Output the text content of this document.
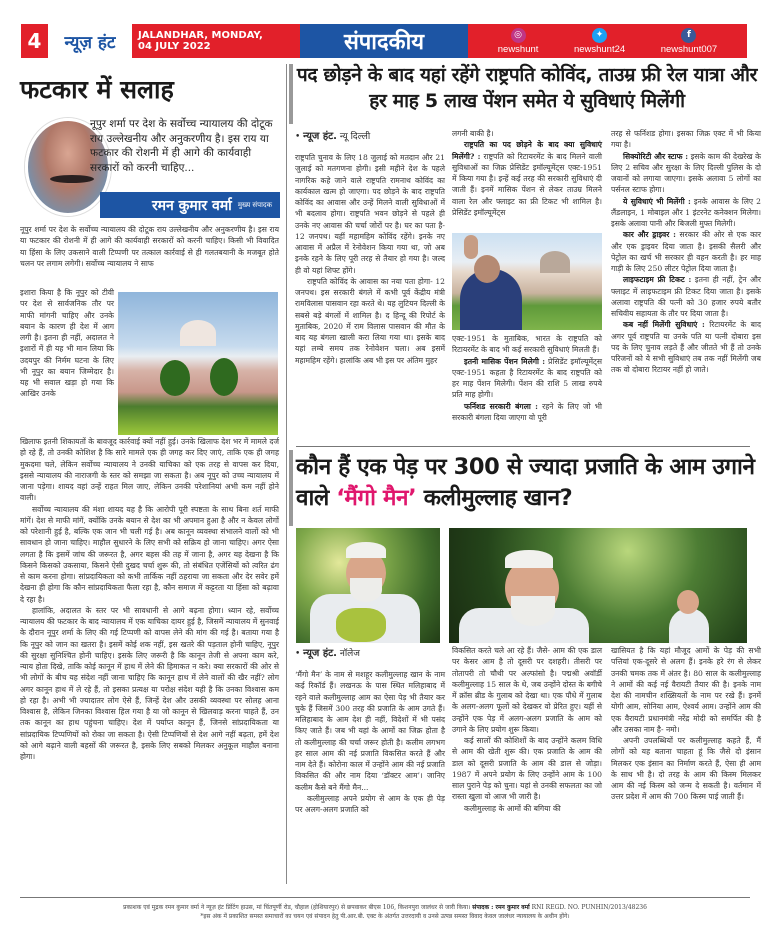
4	न्यूज़ हंट	JALANDHAR, MONDAY,
04 JULY 2022	संपादकीय	◎
newshunt
✦
newshunt24
f
newshunt007
फटकार में सलाह

नूपुर शर्मा पर देश के सर्वोच्च न्यायालय की दोटूक राय उल्लेखनीय और अनुकरणीय है। इस राय या फटकार की रोशनी में ही आगे की कार्यवाही सरकारों को करनी चाहिए...

रमन कुमार वर्मा मुख्य संपादक

नूपुर शर्मा पर देश के सर्वोच्च न्यायालय की दोटूक राय उल्लेखनीय और अनुकरणीय है। इस राय या फटकार की रोशनी में ही आगे की कार्यवाही सरकारों को करनी चाहिए। किसी भी विवादित या हिंसा के लिए उकसाने वाली टिप्पणी पर तत्काल कार्रवाई से ही गलतबयानी के मजबूत होते चलन पर लगाम लगेगी। सर्वोच्च न्यायालय ने साफ

इशारा किया है कि नूपुर को टीवी पर देश से सार्वजनिक तौर पर माफी मांगनी चाहिए और उनके बयान के कारण ही देश में आग लगी है। इतना ही नहीं, अदालत ने इशारों में ही यह भी मान लिया कि उदयपुर की निर्मम घटना के लिए भी नूपुर का बयान जिम्मेदार है। यह भी सवाल खड़ा हो गया कि आखिर उनके

खिलाफ इतनी शिकायतों के बावजूद कार्रवाई क्यों नहीं हुई। उनके खिलाफ देश भर में मामले दर्ज हो रहे हैं, तो उनकी कोशिश है कि सारे मामले एक ही जगह कर दिए जाएं, ताकि एक ही जगह मुकदमा चले, लेकिन सर्वोच्च न्यायालय ने उनकी याचिका को एक तरह से वापस कर दिया, इससे न्यायालय की नाराजगी के स्तर को समझा जा सकता है। अब नूपुर को उच्च न्यायालय में जाना पड़ेगा। शायद वहां उन्हें राहत मिल जाए, लेकिन उनकी परेशानियां अभी कम नहीं होने वाली।

सर्वोच्च न्यायालय की मंशा शायद यह है कि आरोपी पूरी स्पष्टता के साथ बिना शर्त माफी मांगें। देश से माफी मांगें, क्योंकि उनके बयान से देश का भी अपमान हुआ है और न केवल लोगों को परेशानी हुई है, बल्कि एक जान भी चली गई है। अब कानून व्यवस्था संभालने वालों को भी सावधान हो जाना चाहिए। माहौल सुधारने के लिए सभी को सक्रिय हो जाना चाहिए। अगर ऐसा लगता है कि इसमें जांच की जरूरत है, अगर बहस की तह में जाना है, अगर यह देखना है कि किसने किसको उकसाया, किसने ऐसी दुखद चर्चा शुरू की, तो संबंधित एजेंसियों को त्वरित ढंग से काम करना होगा। सांप्रदायिकता को कभी तार्किक नहीं ठहराया जा सकता और देर सवेर हमें देखना ही होगा कि कौन सांप्रदायिकता फैला रहा है, कौन समाज में कट्टरता या हिंसा को बढ़ावा दे रहा है।

हालांकि, अदालत के स्तर पर भी सावधानी से आगे बढ़ना होगा। ध्यान रहे, सर्वोच्च न्यायालय की फटकार के बाद न्यायालय में एक याचिका दायर हुई है, जिसमें न्यायालय में सुनवाई के दौरान नूपुर शर्मा के लिए की गई टिप्पणी को वापस लेने की मांग की गई है। बताया गया है कि नूपुर को जान का खतरा है। इसमें कोई शक नहीं, इस खतरे की पड़ताल होनी चाहिए, नूपुर की सुरक्षा सुनिश्चित होनी चाहिए। इसके लिए जरूरी है कि कानून तेजी से अपना काम करे, न्याय होता दिखे, ताकि कोई कानून में हाथ में लेने की हिमाकत न करे। क्या सरकारों की ओर से भी लोगों के बीच यह संदेश नहीं जाना चाहिए कि कानून हाथ में लेने वालों की खैर नहीं? लोग अगर कानून हाथ में ले रहे हैं, तो इसका प्रत्यक्ष या परोक्ष संदेश यही है कि उनका विश्वास कम हो रहा है। अभी भी ज्यादातर लोग ऐसे हैं, जिन्हें देश और उसकी व्यवस्था पर सोलह आना विश्वास है, लेकिन जिनका विश्वास हिल गया है या जो कानून से खिलवाड़ करना चाहते हैं, उन तक कानून का हाथ पहुंचना चाहिए। देश में पर्याप्त कानून हैं, जिनसे सांप्रदायिकता या सांप्रदायिक टिप्पणियों को रोका जा सकता है। ऐसी टिप्पणियों से देश आगे नहीं बढ़ता, हमें देश को आगे बढ़ाने वाली बहसों की जरूरत है, इसके लिए सबको मिलकर अनुकूल माहौल बनाना होगा।

पद छोड़ने के बाद यहां रहेंगे राष्ट्रपति कोविंद, ताउम्र फ्री रेल यात्रा और हर माह 5 लाख पेंशन समेत ये सुविधाएं मिलेंगी
• न्यूज हंट. न्यू दिल्ली

राष्ट्रपति चुनाव के लिए 18 जुलाई को मतदान और 21 जुलाई को मतगणना होगी। इसी महीने देश के पहले नागरिक कहे जाने वाले राष्ट्रपति रामनाथ कोविंद का कार्यकाल खत्म हो जाएगा। पद छोड़ने के बाद राष्ट्रपति कोविंद का आवास और उन्हें मिलने वाली सुविधाओं में भी बदलाव होगा। राष्ट्रपति भवन छोड़ने से पहले ही उनके नए आवास की चर्चा जोरों पर है। घर का पता है- 12 जनपथ। यहीं महामहिम कोविंद रहेंगे। इनके नए आवास में अप्रैल में रेनोवेशन किया गया था, जो अब इनके रहने के लिए पूरी तरह से तैयार हो गया है। जल्द ही वो यहां शिफ्ट होंगे।

राष्ट्रपति कोविंद के आवास का नया पता होगा- 12 जनपथ। इस सरकारी बंगले में कभी पूर्व केंद्रीय मंत्री रामविलास पासवान रहा करते थे। यह लुटियन दिल्ली के सबसे बड़े बंगलों में शामिल है। द हिन्दू की रिपोर्ट के मुताबिक, 2020 में राम विलास पासवान की मौत के बाद यह बंगला खाली करा लिया गया था। इसके बाद यहां लम्बे समय तक रेनोवेशन चला। अब इसमें महामहिम रहेंगे। हालांकि अब भी इस पर अंतिम मुहर

लगनी बाकी है।

राष्ट्रपति का पद छोड़ने के बाद क्या सुविधाएं मिलेंगी? : राष्ट्रपति को रिटायरमेंट के बाद मिलने वाली सुविधाओं का जिक्र प्रेसिडेंट इमॉल्यूमेंट्स एक्ट-1951 में किया गया है। इन्हें कई तरह की सरकारी सुविधाएं दी जाती हैं। इनमें मासिक पेंशन से लेकर ताउम्र मिलने वाला रेल और फ्लाइट का फ्री टिकट भी शामिल है। प्रेसिडेंट इमॉल्यूमेंट्स

एक्ट-1951 के मुताबिक, भारत के राष्ट्रपति को रिटायरमेंट के बाद भी कई सरकारी सुविधाएं मिलती हैं।

इतनी मासिक पेंशन मिलेगी : प्रेसिडेंट इमॉल्यूमेंट्स एक्ट-1951 कहता है रिटायरमेंट के बाद राष्ट्रपति को हर माह पेंशन मिलेगी। पेंशन की राशि 5 लाख रुपये प्रति माह होगी।

फर्निशड सरकारी बंगला : रहने के लिए जो भी सरकारी बंगला दिया जाएगा वो पूरी

तरह से फर्निशड होगा। इसका जिक्र एक्ट में भी किया गया है।

सिक्योरिटी और स्टाफ : इसके काम की देखरेख के लिए 2 सचिव और सुरक्षा के लिए दिल्ली पुलिस के दो जवानों को लगाया जाएगा। इसके अलावा 5 लोगों का पर्सनल स्टाफ होगा।

ये सुविधाएं भी मिलेंगी : इनके आवास के लिए 2 लैंडलाइन, 1 मोबाइल और 1 इंटरनेट कनेक्शन मिलेगा। इसके अलावा पानी और बिजली मुफ्त मिलेगी।

कार और ड्राइवर : सरकार की ओर से एक कार और एक ड्राइवर दिया जाता है। इसकी सैलरी और पेट्रोल का खर्च भी सरकार ही वहन करती है। हर माह गाड़ी के लिए 250 लीटर पेट्रोल दिया जाता है।

लाइफटाइम फ्री टिकट : इतना ही नहीं, ट्रेन और फ्लाइट में लाइफटाइम फ्री टिकट दिया जाता है। इसके अलावा राष्ट्रपति की पत्नी को 30 हजार रुपये बतौर सचिवीय सहायता के तौर पर दिया जाता है।

कब नहीं मिलेंगी सुविधाएं : रिटायरमेंट के बाद अगर पूर्व राष्ट्रपति या उनके पति या पत्नी दोबारा इस पद के लिए चुनाव लड़ते हैं और जीतते भी हैं तो उनके परिजनों को ये सभी सुविधाएं तब तक नहीं मिलेंगी जब तक वो दोबारा रिटायर नहीं हो जाते।

कौन हैं एक पेड़ पर 300 से ज्यादा प्रजाति के आम उगाने वाले ‘मैंगो मैन’ कलीमुल्लाह खान?
• न्यूज हंट. नॉलेज

‘मैंगो मैन’ के नाम से मशहूर कलीमुल्लाह खान के नाम कई रिकॉर्ड हैं। लखनऊ के पास स्थित मलिहाबाद में रहने वाले कलीमुल्लाह आम का ऐसा पेड़ भी तैयार कर चुके हैं जिसमें 300 तरह की प्रजाति के आम उगते हैं। मलिहाबाद के आम देश ही नहीं, विदेशों में भी पसंद किए जाते हैं। जब भी यहां के आमों का जिक्र होता है तो कलीमुल्लाह की चर्चा जरूर होती है। कलीम लगभग हर साल आम की नई प्रजाति विकसित करते हैं और नाम देते हैं। कोरोना काल में उन्होंने आम की नई प्रजाति विकसित की और नाम दिया ‘डॉक्टर आम’। जानिए कलीम कैसे बने मैंगो मैन...

कलीमुल्लाह अपने प्रयोग से आम के एक ही पेड़ पर अलग-अलग प्रजाति को

विकसित करते चले आ रहे हैं। जैसे- आम की एक डाल पर केसर आम है तो दूसरी पर दशहरी। तीसरी पर तोतापरी तो चौथी पर अल्फांसो है। पद्मश्री अवॉर्डी कलीमुल्लाह 15 साल के थे, जब उन्होंने दोस्त के बगीचे में क्रॉस ब्रीड के गुलाब को देखा था। एक पौधे में गुलाब के अलग-अलग फूलों को देखकर वो प्रेरित हुए। यहीं से उन्होंने एक पेड़ में अलग-अलग प्रजाति के आम को उगाने के लिए प्रयोग शुरू किया।

कई सालों की कोशिशों के बाद उन्होंने कलम विधि से आम की खेती शुरू की। एक प्रजाति के आम की डाल को दूसरी प्रजाति के आम की डाल से जोड़ा। 1987 में अपने प्रयोग के लिए उन्होंने आम के 100 साल पुराने पेड़ को चुना। यहां से उनकी सफलता का जो रास्ता खुला वो आज भी जारी है।

कलीमुल्लाह के आमों की बगिया की

खासियत है कि यहां मौजूद आमों के पेड़ की सभी पत्तियां एक-दूसरे से अलग हैं। इनके हरे रंग से लेकर उनकी चमक तक में अंतर है। 80 साल के कलीमुल्लाह ने आमों की कई नई वैरायटी तैयार की है। इनके नाम देश की नामचीन शख्सियतों के नाम पर रखे हैं। इनमें योगी आम, सोनिया आम, ऐश्वर्य आम। उन्होंने आम की एक वैरायटी प्रधानमंत्री नरेंद्र मोदी को समर्पित की है और उसका नाम है- नमो।

अपनी उपलब्धियों पर कलीमुल्लाह कहते हैं, मैं लोगों को यह बताना चाहता हूं कि जैसे दो इंसान मिलकर एक इंसान का निर्माण करते हैं, ऐसा ही आम के साथ भी है। दो तरह के आम की किस्म मिलकर आम की नई किस्म को जन्म दे सकती है। वर्तमान में उत्तर प्रदेश में आम की 700 किस्म पाई जाती हैं।

प्रकाशक एवं मुद्रक रमन कुमार वर्मा ने न्यूज़ हंट प्रिंटिंग हाउस, मां चिंतपूर्णी रोड, चौहाल (होशियारपुर) से छपवाकर बीएस 106, किशनपुरा जालंधर से जारी किया। संपादक : रमन कुमार वर्मा RNI REGD. NO. PUNHIN/2013/48236
*इस अंक में प्रकाशित समस्त समाचारों का चयन एवं संपादन हेतु पी.आर.बी. एक्ट के अंतर्गत उत्तरदायी व उनसे उत्पन्न समस्त विवाद केवल जालंधर न्यायालय के अधीन होंगे।
